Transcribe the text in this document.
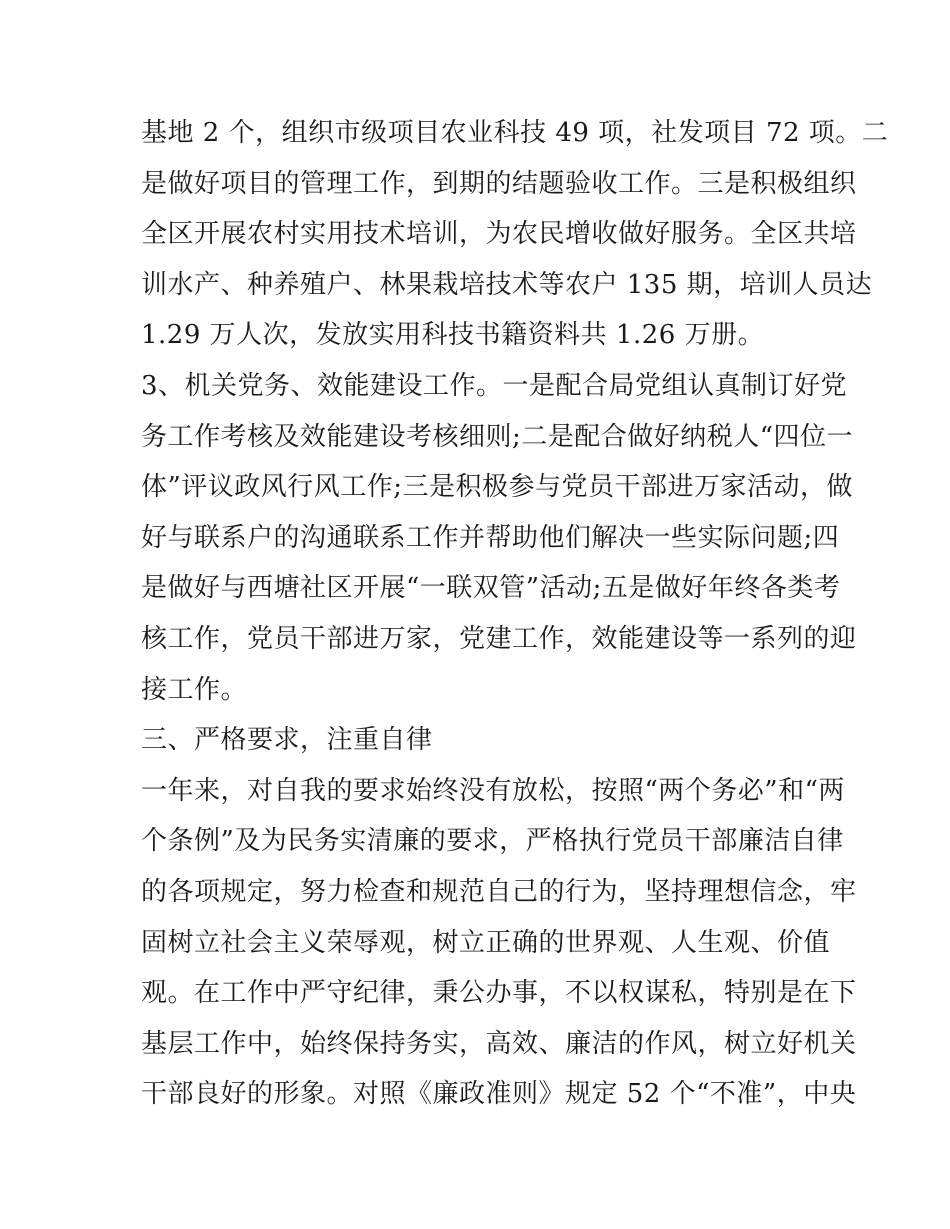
基地 2 个，组织市级项目农业科技 49 项，社发项目 72 项。二
是做好项目的管理工作，到期的结题验收工作。三是积极组织
全区开展农村实用技术培训，为农民增收做好服务。全区共培
训水产、种养殖户、林果栽培技术等农户 135 期，培训人员达
1.29 万人次，发放实用科技书籍资料共 1.26 万册。
3、机关党务、效能建设工作。一是配合局党组认真制订好党
务工作考核及效能建设考核细则;二是配合做好纳税人“四位一
体”评议政风行风工作;三是积极参与党员干部进万家活动，做
好与联系户的沟通联系工作并帮助他们解决一些实际问题;四
是做好与西塘社区开展“一联双管”活动;五是做好年终各类考
核工作，党员干部进万家，党建工作，效能建设等一系列的迎
接工作。
三、严格要求，注重自律
一年来，对自我的要求始终没有放松，按照“两个务必”和“两
个条例”及为民务实清廉的要求，严格执行党员干部廉洁自律
的各项规定，努力检查和规范自己的行为，坚持理想信念，牢
固树立社会主义荣辱观，树立正确的世界观、人生观、价值
观。在工作中严守纪律，秉公办事，不以权谋私，特别是在下
基层工作中，始终保持务实，高效、廉洁的作风，树立好机关
干部良好的形象。对照《廉政准则》规定 52 个“不准”，中央
